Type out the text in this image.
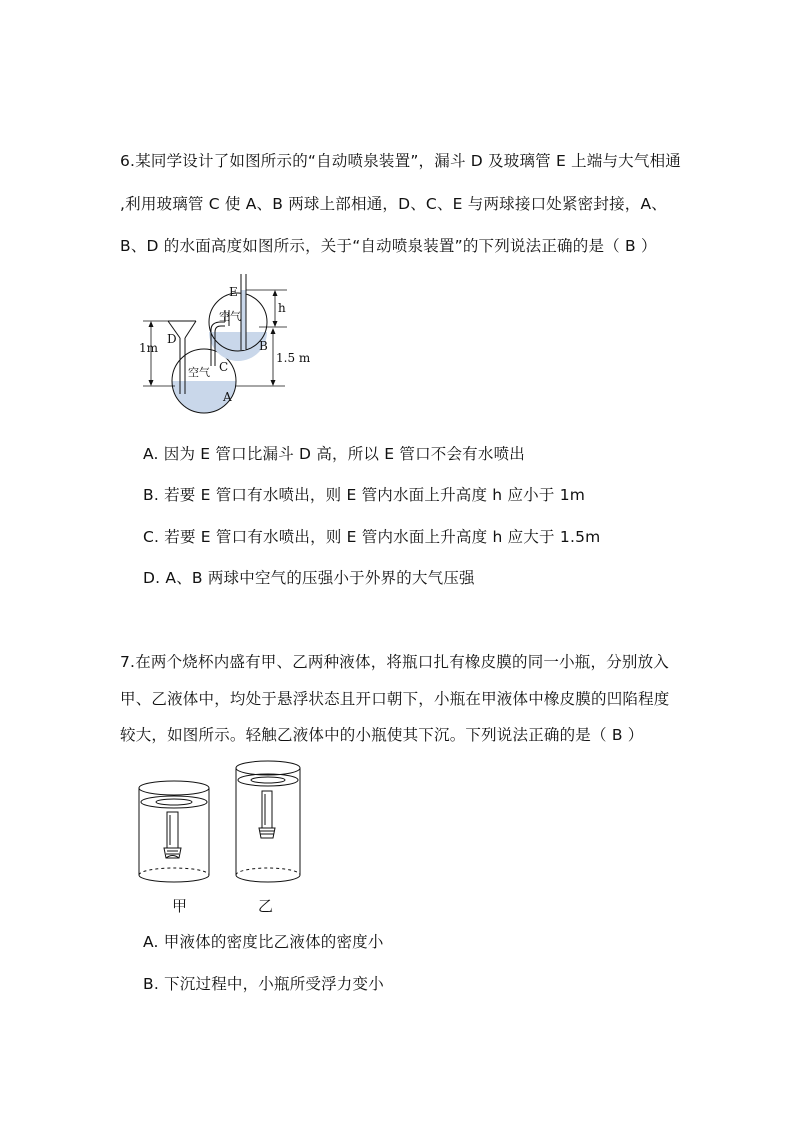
6.某同学设计了如图所示的“自动喷泉装置”，漏斗 D 及玻璃管 E 上端与大气相通
,利用玻璃管 C 使 A、B 两球上部相通，D、C、E 与两球接口处紧密封接，A、
B、D 的水面高度如图所示，关于“自动喷泉装置”的下列说法正确的是（ B ）
E
h
空气
B
1m
D
1.5 m
空气 C
A
A. 因为 E 管口比漏斗 D 高，所以 E 管口不会有水喷出
B. 若要 E 管口有水喷出，则 E 管内水面上升高度 h 应小于 1m
C. 若要 E 管口有水喷出，则 E 管内水面上升高度 h 应大于 1.5m
D. A、B 两球中空气的压强小于外界的大气压强
7.在两个烧杯内盛有甲、乙两种液体，将瓶口扎有橡皮膜的同一小瓶，分别放入
甲、乙液体中，均处于悬浮状态且开口朝下，小瓶在甲液体中橡皮膜的凹陷程度
较大，如图所示。轻触乙液体中的小瓶使其下沉。下列说法正确的是（ B ）
甲	乙
A. 甲液体的密度比乙液体的密度小
B. 下沉过程中，小瓶所受浮力变小
